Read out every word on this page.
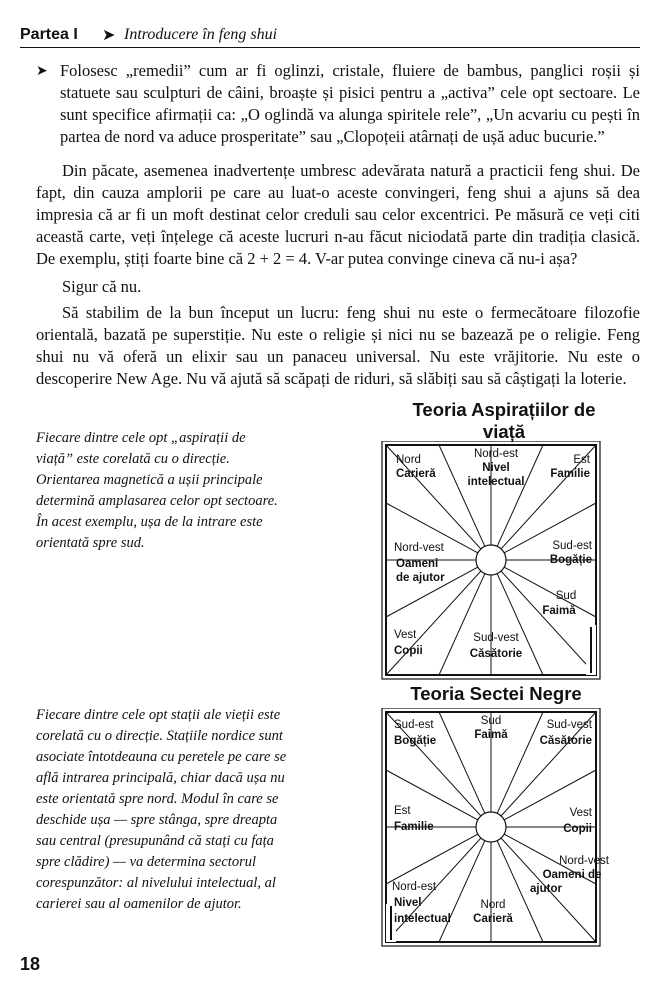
Partea I ➤ Introducere în feng shui
➤ Folosesc „remedii” cum ar fi oglinzi, cristale, fluiere de bambus, panglici roșii și statuete sau sculpturi de câini, broaște și pisici pentru a „activa” cele opt sectoare. Le sunt specifice afirmații ca: „O oglindă va alunga spiritele rele”, „Un acvariu cu pești în partea de nord va aduce prosperitate” sau „Clopoțeii atârnați de ușă aduc bucurie.”
Din păcate, asemenea inadvertențe umbresc adevărata natură a practicii feng shui. De fapt, din cauza amplorii pe care au luat-o aceste convingeri, feng shui a ajuns să dea impresia că ar fi un moft destinat celor creduli sau celor excentrici. Pe măsură ce veți citi această carte, veți înțelege că aceste lucruri n-au făcut niciodată parte din tradiția clasică. De exemplu, știți foarte bine că 2 + 2 = 4. V-ar putea convinge cineva că nu-i așa?
Sigur că nu.
Să stabilim de la bun început un lucru: feng shui nu este o fermecătoare filozofie orientală, bazată pe superstiție. Nu este o religie și nici nu se bazează pe o religie. Feng shui nu vă oferă un elixir sau un panaceu universal. Nu este vrăjitorie. Nu este o descoperire New Age. Nu vă ajută să scăpați de riduri, să slăbiți sau să câștigați la loterie.
Fiecare dintre cele opt „aspirații de viață” este corelată cu o direcție. Orientarea magnetică a ușii principale determină amplasarea celor opt sectoare. În acest exemplu, ușa de la intrare este orientată spre sud.
Fiecare dintre cele opt stații ale vieții este corelată cu o direcție. Stațiile nordice sunt asociate întotdeauna cu peretele pe care se află intrarea principală, chiar dacă ușa nu este orientată spre nord. Modul în care se deschide ușa — spre stânga, spre dreapta sau central (presupunând că stați cu fața spre clădire) — va determina sectorul corespunzător: al nivelului intelectual, al carierei sau al oamenilor de ajutor.
Teoria Aspirațiilor de viață
Nord
Carieră
Nord-est
Nivel
intelectual
Est
Familie
Nord-vest
Oameni
de ajutor
Sud-est
Bogăție
Sud
Faimă
Vest
Copii
Sud-vest
Căsătorie
Teoria Sectei Negre
Sud-est
Bogăție
Sud
Faimă
Sud-vest
Căsătorie
Est
Familie
Vest
Copii
Nord-vest
Oameni de
ajutor
Nord-est
Nivel
intelectual
Nord
Carieră
18
